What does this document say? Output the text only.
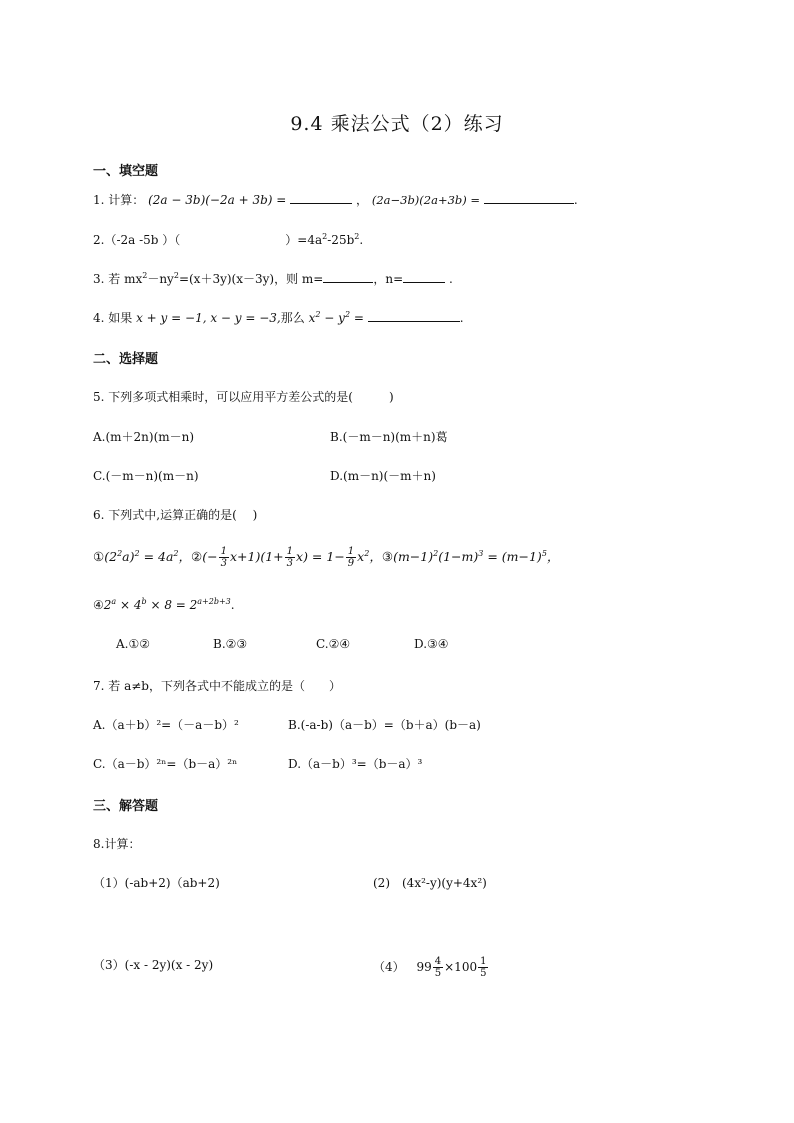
9.4 乘法公式（2）练习
一、填空题
1. 计算： (2a − 3b)(−2a + 3b) =	， (2a−3b)(2a+3b) =	.
2.（-2a -5b ）（	）$=4a^2-25b^2$.
3. 若 $mx^2-ny^2=(x+3y)(x-3y)$，则 m=	，n=	.
4. 如果 x + y = −1, x − y = −3,那么 $x^2 - y^2$ =	.
二、选择题
5. 下列多项式相乘时，可以应用平方差公式的是(　　　)
A.(m＋2n)(m－n)	B.(－m－n)(m＋n)葛
C.(－m－n)(m－n)	D.(m－n)(－m＋n)
6. 下列式中,运算正确的是(　 )
$①(2^2a)^2 = 4a^2$，②(− $\frac{1}{3} x+1)(1+ \frac{1}{3} x) = 1- \frac{1}{9} x^2$，$③(m-1)^2(1-m)^3 = (m-1)^5$，
$④2^a \times 4^b \times 8 = 2^{a+2b+3}$.
A.①②	B.②③	C.②④	D.③④
7. 若 a≠b，下列各式中不能成立的是（　　）
A.（a＋b）²=（－a－b）²	B.(-a-b)（a－b）=（b＋a）(b－a)
C.（a－b）²ⁿ=（b－a）²ⁿ	D.（a－b）³=（b－a）³
三、解答题
8.计算：
（1）(-ab+2)（ab+2)	(2)　(4x²-y)(y+4x²)
（3）(-x - 2y)(x - 2y)	（4） $99 \frac{4}{5} \times 100 \frac{1}{5}$
